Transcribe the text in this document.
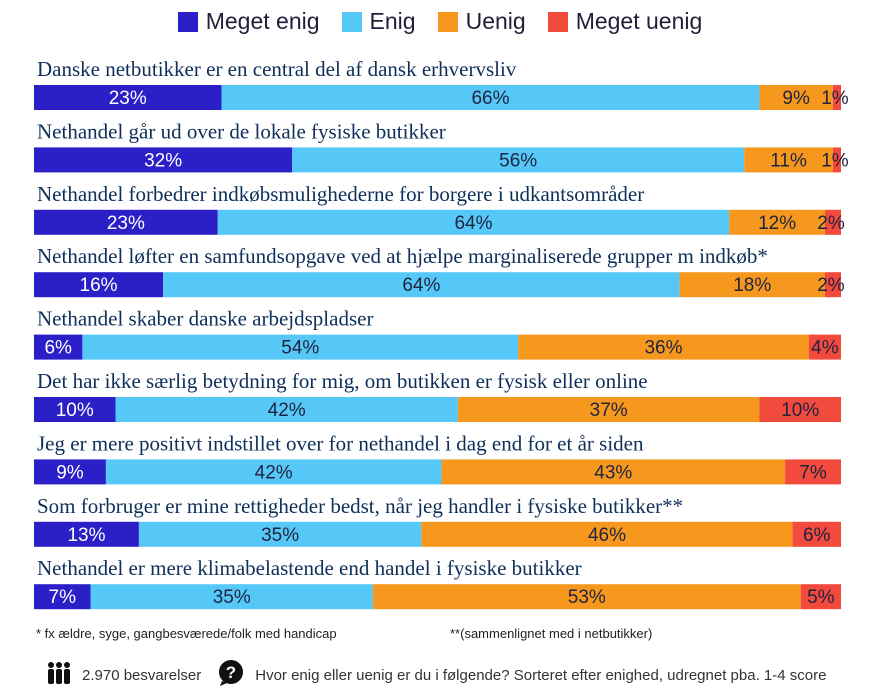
Meget enig Enig Uenig Meget uenig
Danske netbutikker er en central del af dansk erhvervsliv
23%	66%	9% 1%
Nethandel går ud over de lokale fysiske butikker
32%	56%	11% 1%
Nethandel forbedrer indkøbsmulighederne for borgere i udkantsområder
23%	64%	12% 2%
Nethandel løfter en samfundsopgave ved at hjælpe marginaliserede grupper m indkøb*
16%	64%	18% 2%
Nethandel skaber danske arbejdspladser
6%	54%	36%	4%
Det har ikke særlig betydning for mig, om butikken er fysisk eller online
10%	42%	37%	10%
Jeg er mere positivt indstillet over for nethandel i dag end for et år siden
9%	42%	43%	7%
Som forbruger er mine rettigheder bedst, når jeg handler i fysiske butikker**
13%	35%	46%	6%
Nethandel er mere klimabelastende end handel i fysiske butikker
7%	35%	53%	5%
* fx ældre, syge, gangbesværede/folk med handicap	**(sammenlignet med i netbutikker)
2.970 besvarelser ? Hvor enig eller uenig er du i følgende? Sorteret efter enighed, udregnet pba. 1-4 score
